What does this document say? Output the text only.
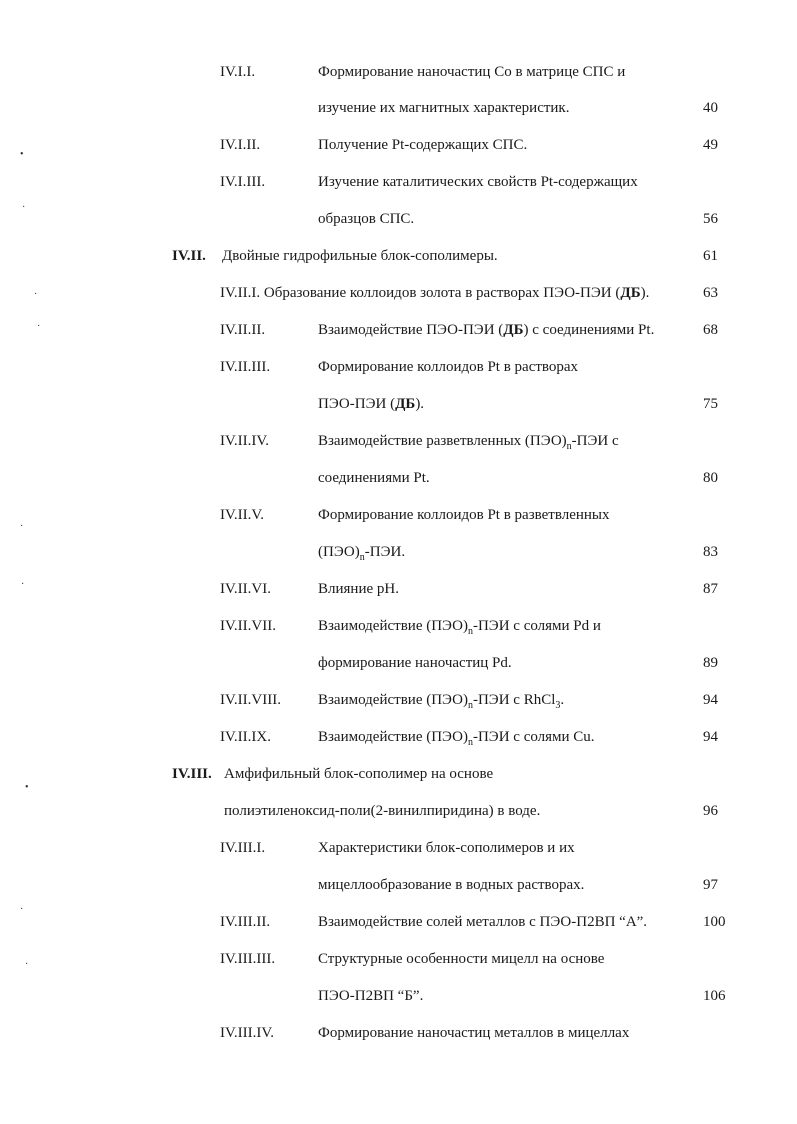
IV.I.I.	Формирование наночастиц Co в матрице СПС и
изучение их магнитных характеристик.	40
IV.I.II.	Получение Pt-содержащих СПС.	49
IV.I.III.	Изучение каталитических свойств Pt-содержащих
образцов СПС.	56
IV.II. Двойные гидрофильные блок-сополимеры.	61
IV.II.I. Образование коллоидов золота в растворах ПЭО-ПЭИ (ДБ).	63
IV.II.II.	Взаимодействие ПЭО-ПЭИ (ДБ) с соединениями Pt.	68
IV.II.III.	Формирование коллоидов Pt в растворах
ПЭО-ПЭИ (ДБ).	75
IV.II.IV.	Взаимодействие разветвленных $(ПЭО)_n$-ПЭИ с
соединениями Pt.	80
IV.II.V.	Формирование коллоидов Pt в разветвленных
$(ПЭО)_n$-ПЭИ.	83
IV.II.VI.	Влияние pH.	87
IV.II.VII.	Взаимодействие $(ПЭО)_n$-ПЭИ с солями Pd и
формирование наночастиц Pd.	89
IV.II.VIII. Взаимодействие $(ПЭО)_n$-ПЭИ с RhCl$_3$.	94
IV.II.IX.	Взаимодействие $(ПЭО)_n$-ПЭИ с солями Cu.	94
IV.III. Амфифильный блок-сополимер на основе
полиэтиленоксид-поли(2-винилпиридина) в воде.	96
IV.III.I.	Характеристики блок-сополимеров и их
мицеллообразование в водных растворах.	97
IV.III.II.	Взаимодействие солей металлов с ПЭО-П2ВП “А”.	100
IV.III.III.	Структурные особенности мицелл на основе
ПЭО-П2ВП “Б”.	106
IV.III.IV.	Формирование наночастиц металлов в мицеллах
•
·
·
·
·
·
•
·
·
